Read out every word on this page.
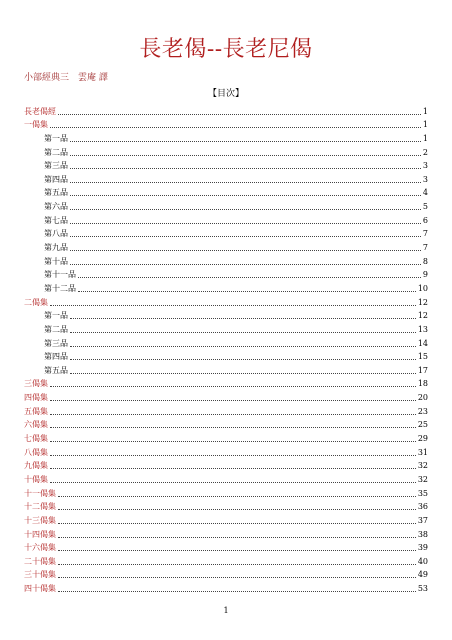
長老偈--長老尼偈
小部經典三　雲庵 譯
【目次】
長老偈經	1
一偈集	1
第一品	1
第二品	2
第三品	3
第四品	3
第五品	4
第六品	5
第七品	6
第八品	7
第九品	7
第十品	8
第十一品	9
第十二品	10
二偈集	12
第一品	12
第二品	13
第三品	14
第四品	15
第五品	17
三偈集	18
四偈集	20
五偈集	23
六偈集	25
七偈集	29
八偈集	31
九偈集	32
十偈集	32
十一偈集	35
十二偈集	36
十三偈集	37
十四偈集	38
十六偈集	39
二十偈集	40
三十偈集	49
四十偈集	53
1
